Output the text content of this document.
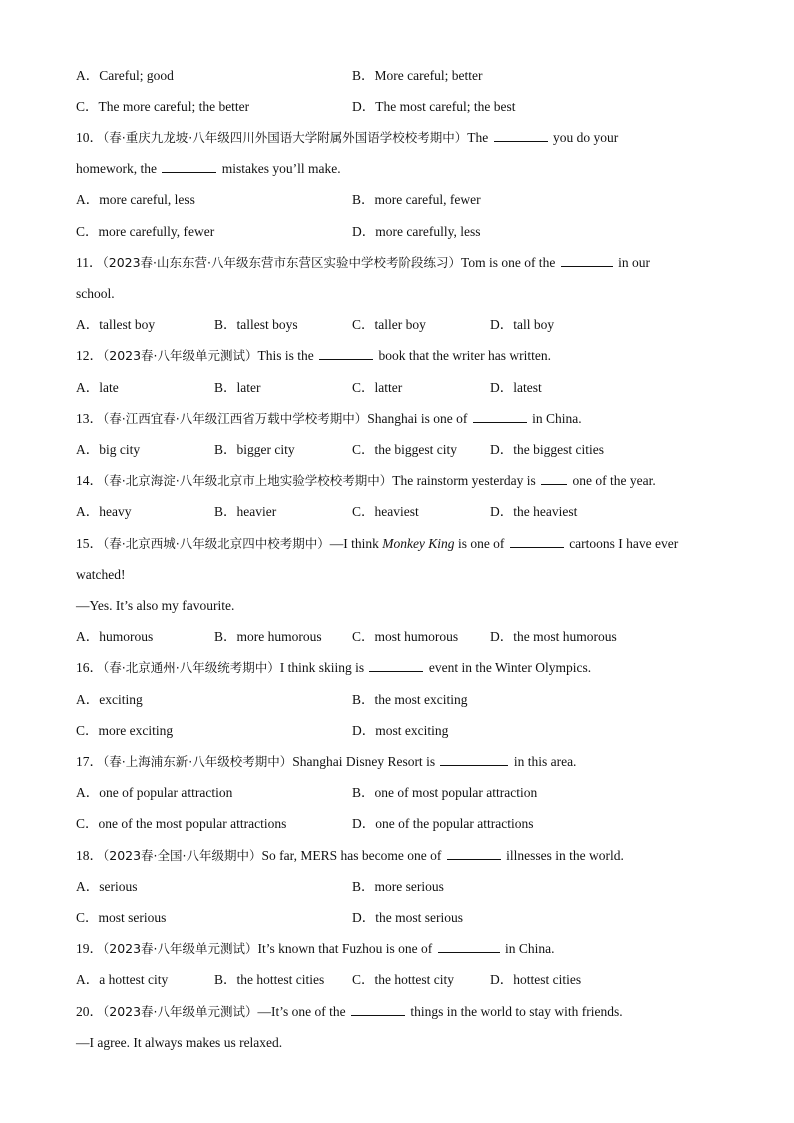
A．Careful; good	B．More careful; better
C．The more careful; the better	D．The most careful; the best
10．（春·重庆九龙坡·八年级四川外国语大学附属外国语学校校考期中）The	you do your
homework, the	mistakes you’ll make.
A．more careful, less	B．more careful, fewer
C．more carefully, fewer	D．more carefully, less
11．（2023春·山东东营·八年级东营市东营区实验中学校考阶段练习）Tom is one of the	in our
school.
A．tallest boy	B．tallest boys	C．taller boy	D．tall boy
12．（2023春·八年级单元测试）This is the	book that the writer has written.
A．late	B．later	C．latter	D．latest
13．（春·江西宜春·八年级江西省万载中学校考期中）Shanghai is one of	in China.
A．big city	B．bigger city	C．the biggest city D．the biggest cities
14．（春·北京海淀·八年级北京市上地实验学校校考期中）The rainstorm yesterday is	one of the year.
A．heavy	B．heavier	C．heaviest	D．the heaviest
15．（春·北京西城·八年级北京四中校考期中）—I think Monkey King is one of	cartoons I have ever
watched!
—Yes. It’s also my favourite.
A．humorous	B．more humorous C．most humorous D．the most humorous
16．（春·北京通州·八年级统考期中）I think skiing is	event in the Winter Olympics.
A．exciting	B．the most exciting
C．more exciting	D．most exciting
17．（春·上海浦东新·八年级校考期中）Shanghai Disney Resort is	in this area.
A．one of popular attraction	B．one of most popular attraction
C．one of the most popular attractions	D．one of the popular attractions
18．（2023春·全国·八年级期中）So far, MERS has become one of	illnesses in the world.
A．serious	B．more serious
C．most serious	D．the most serious
19．（2023春·八年级单元测试）It’s known that Fuzhou is one of	in China.
A．a hottest city	B．the hottest cities C．the hottest city	D．hottest cities
20．（2023春·八年级单元测试）—It’s one of the	things in the world to stay with friends.
—I agree. It always makes us relaxed.
